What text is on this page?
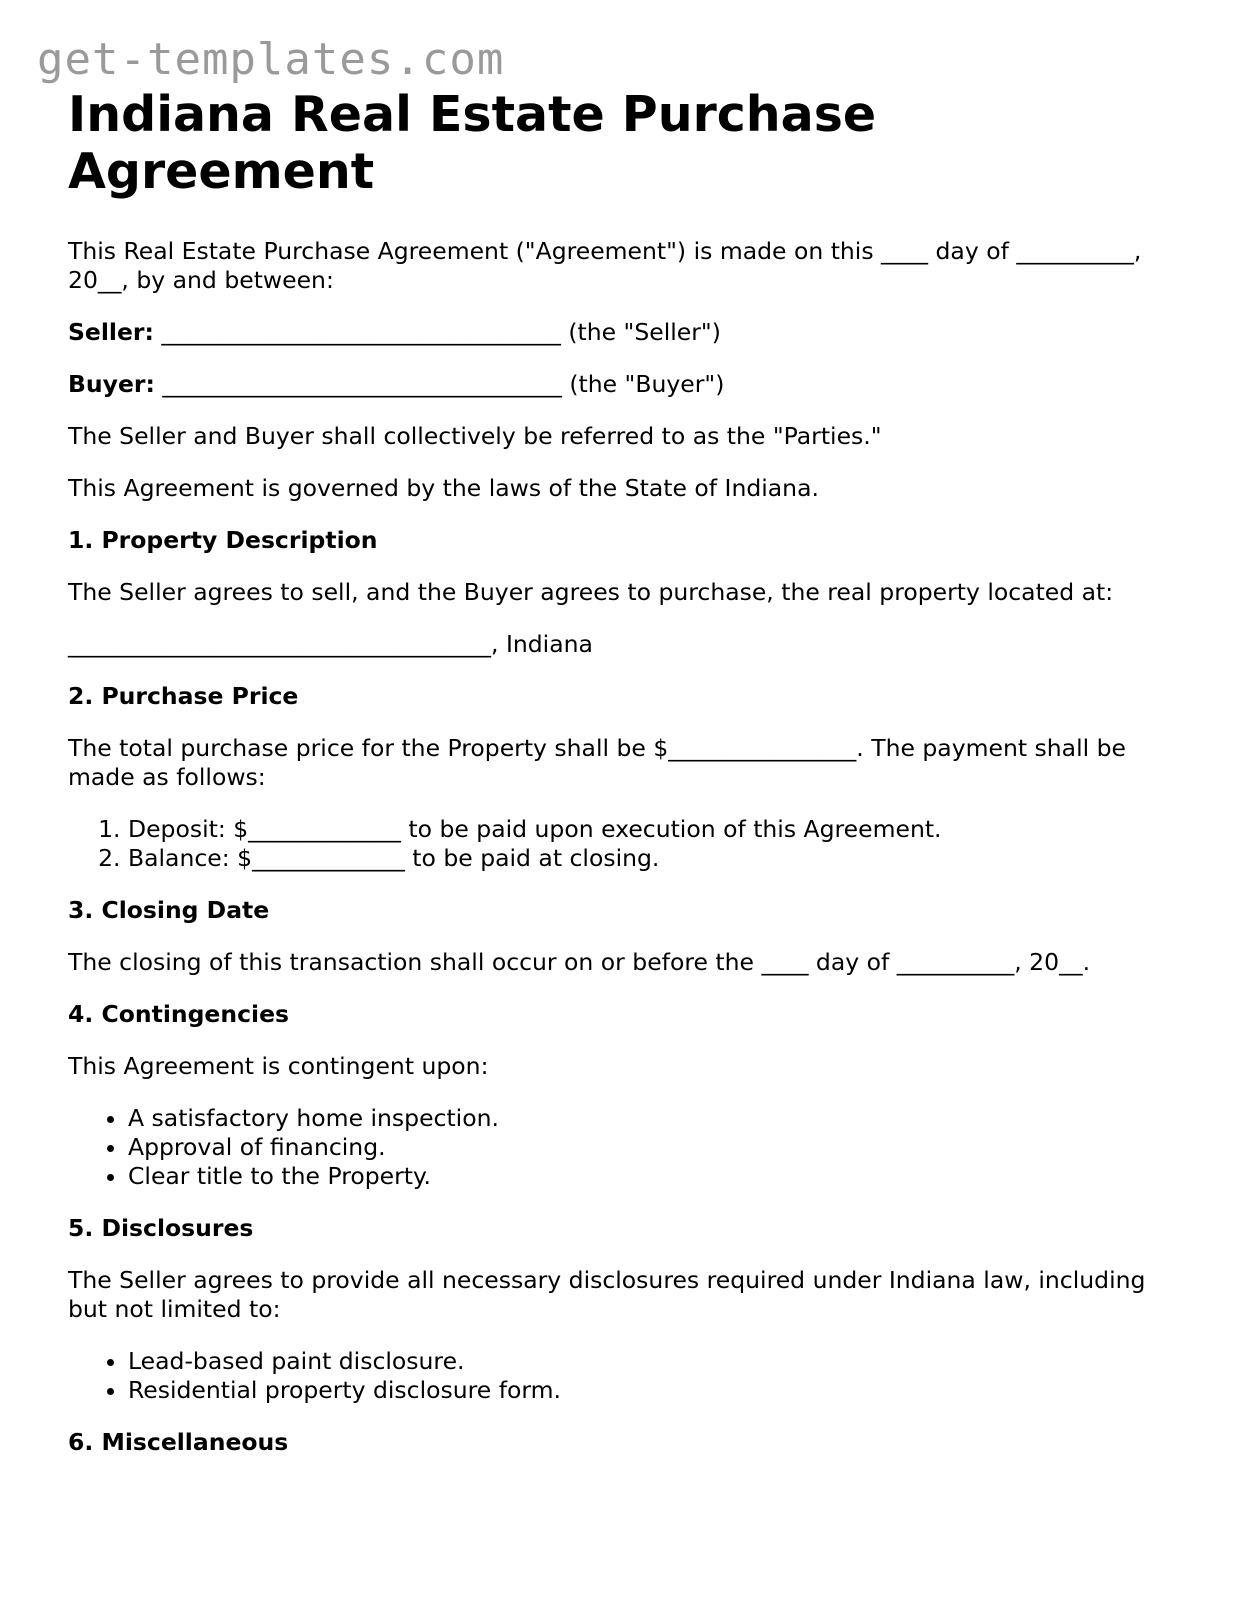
get-templates.com
Indiana Real Estate Purchase Agreement

This Real Estate Purchase Agreement ("Agreement") is made on this ____ day of __________, 20__, by and between:

Seller: __________________________________ (the "Seller")

Buyer: __________________________________ (the "Buyer")

The Seller and Buyer shall collectively be referred to as the "Parties."

This Agreement is governed by the laws of the State of Indiana.

1. Property Description

The Seller agrees to sell, and the Buyer agrees to purchase, the real property located at:

____________________________________, Indiana

2. Purchase Price

The total purchase price for the Property shall be $________________. The payment shall be made as follows:

1. Deposit: $_____________ to be paid upon execution of this Agreement.
2. Balance: $_____________ to be paid at closing.
3. Closing Date

The closing of this transaction shall occur on or before the ____ day of __________, 20__.

4. Contingencies

This Agreement is contingent upon:

• A satisfactory home inspection.
• Approval of financing.
• Clear title to the Property.
5. Disclosures

The Seller agrees to provide all necessary disclosures required under Indiana law, including but not limited to:

• Lead-based paint disclosure.
• Residential property disclosure form.
6. Miscellaneous
